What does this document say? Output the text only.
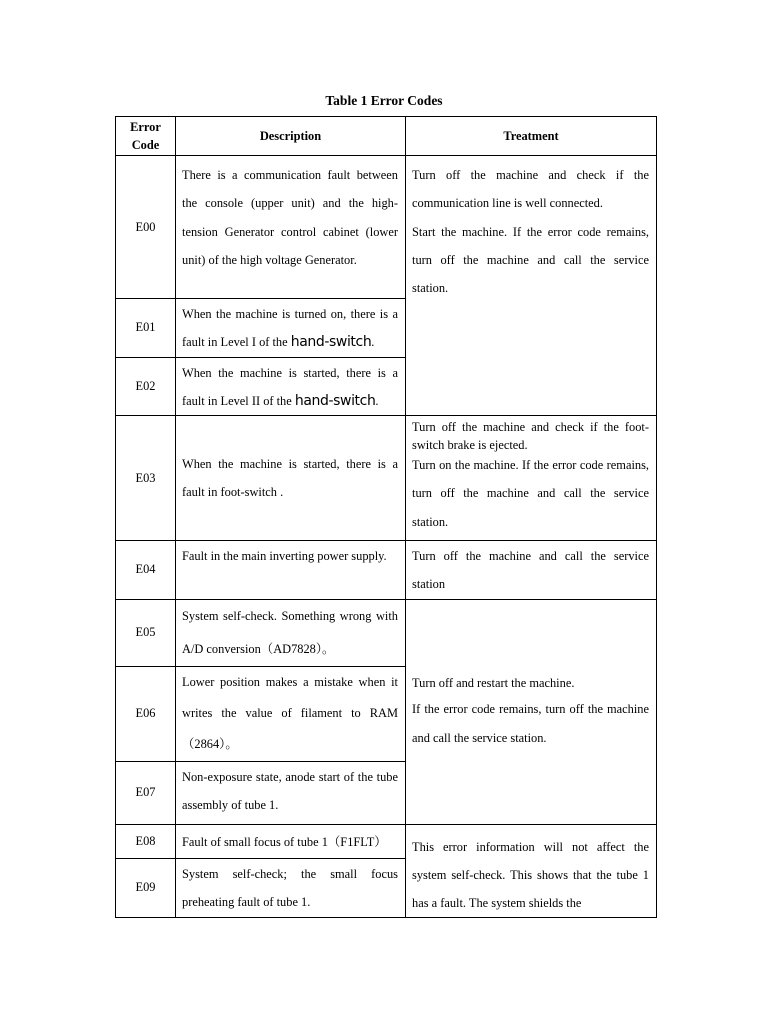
Table 1 Error Codes
Error Code	Description	Treatment
E00	There is a communication fault between the console (upper unit) and the high-tension Generator control cabinet (lower unit) of the high voltage Generator.	Turn off the machine and check if the communication line is well connected.
Start the machine. If the error code remains, turn off the machine and call the service station.

E01	When the machine is turned on, there is a fault in Level I of the hand-switch.	
E02	When the machine is started, there is a fault in Level II of the hand-switch.	
E03	When the machine is started, there is a fault in foot-switch .	Turn off the machine and check if the foot-switch brake is ejected.
Turn on the machine. If the error code remains, turn off the machine and call the service station.

E04	Fault in the main inverting power supply.	Turn off the machine and call the service station

E05	System self-check. Something wrong with A/D conversion（AD7828）。	Turn off and restart the machine.
If the error code remains, turn off the machine and call the service station.

E06	Lower position makes a mistake when it writes the value of filament to RAM （2864）。	
E07	Non-exposure state, anode start of the tube assembly of tube 1.	
E08	Fault of small focus of tube 1（F1FLT）	This error information will not affect the system self-check. This shows that the tube 1 has a fault. The system shields the

E09	System self-check; the small focus preheating fault of tube 1.	
